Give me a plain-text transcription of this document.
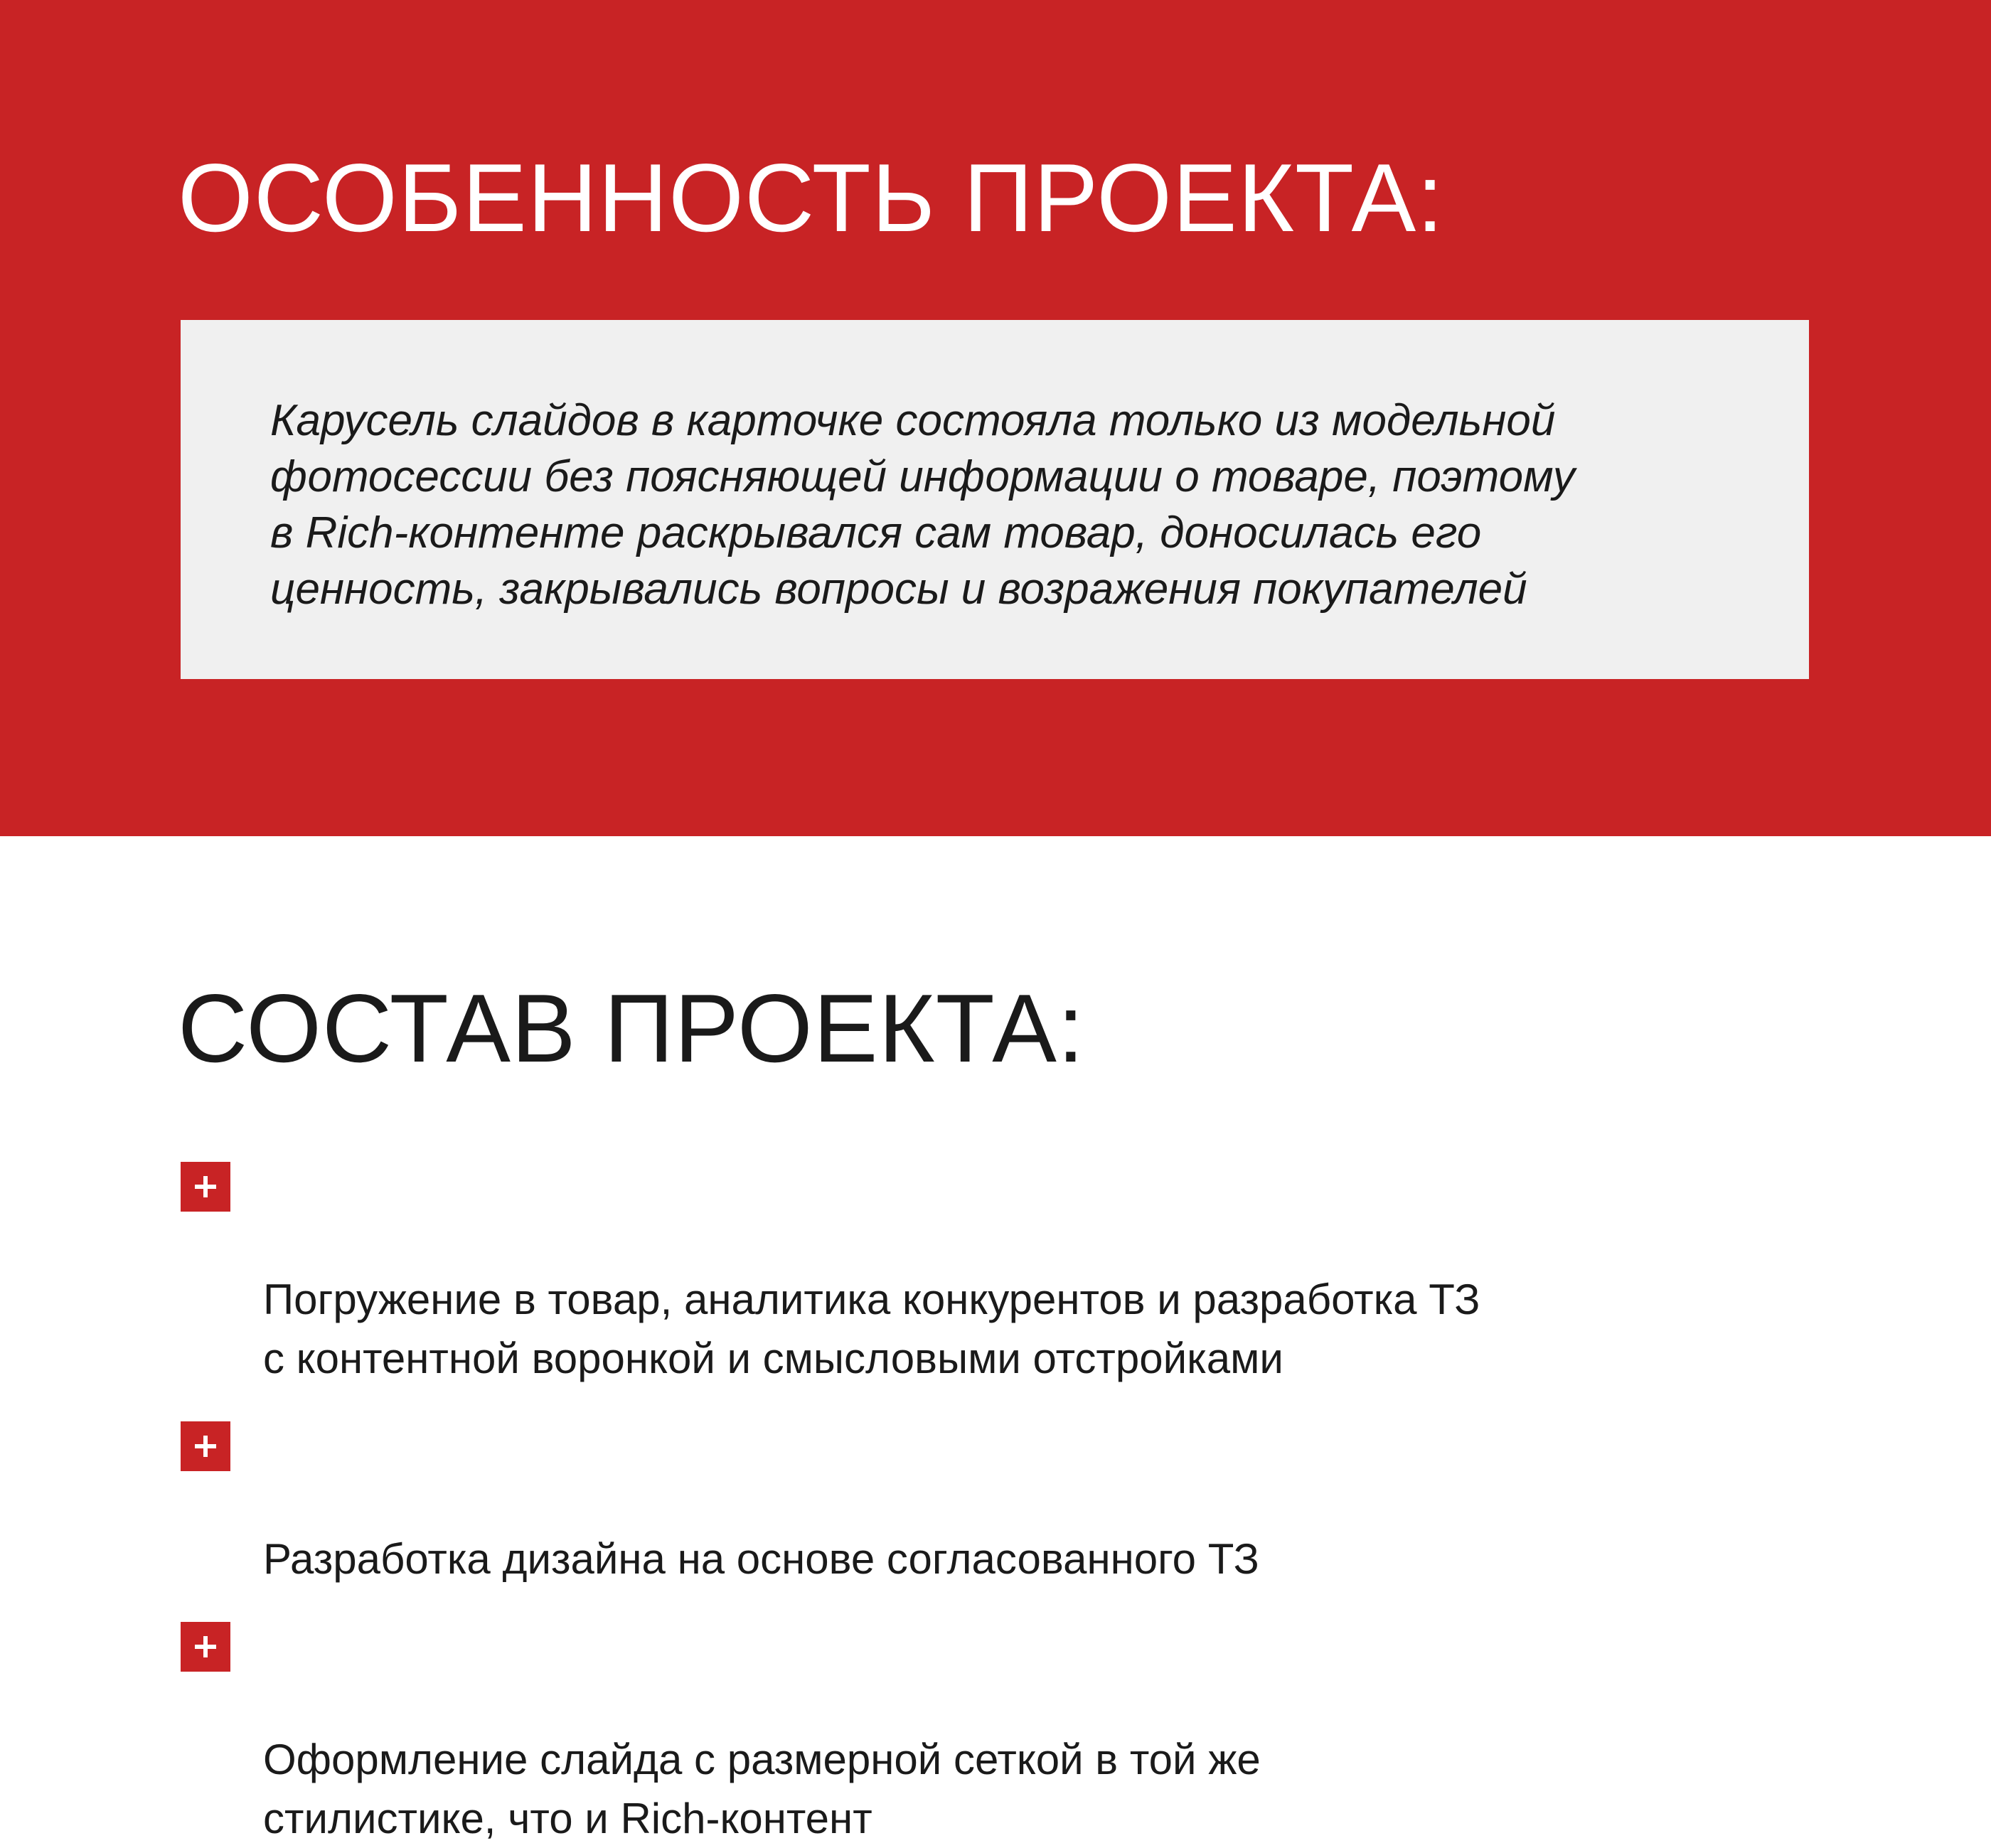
ОСОБЕННОСТЬ ПРОЕКТА:

Карусель слайдов в карточке состояла только из модельной
фотосессии без поясняющей информации о товаре, поэтому
в Rich-контенте раскрывался сам товар, доносилась его
ценность, закрывались вопросы и возражения покупателей

СОСТАВ ПРОЕКТА:

Погружение в товар, аналитика конкурентов и разработка ТЗ
с контентной воронкой и смысловыми отстройками

Разработка дизайна на основе согласованного ТЗ

Оформление слайда с размерной сеткой в той же
стилистике, что и Rich-контент
